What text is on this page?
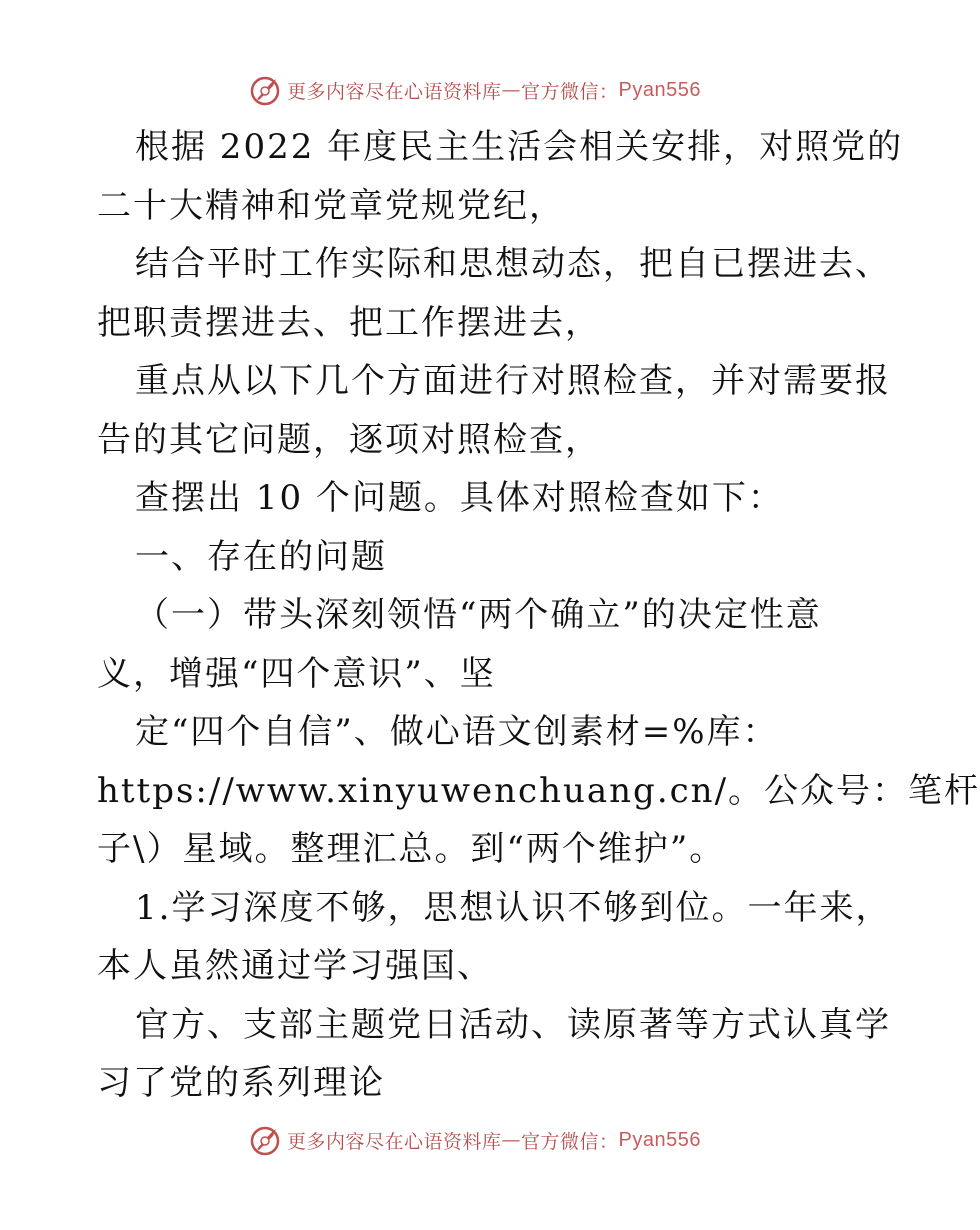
更多内容尽在心语资料库 — 官方微信： Pyan556
根据 2022 年度民主生活会相关安排，对照党的
二十大精神和党章党规党纪，
结合平时工作实际和思想动态，把自已摆进去、
把职责摆进去、把工作摆进去，
重点从以下几个方面进行对照检查，并对需要报
告的其它问题，逐项对照检查，
查摆出 10 个问题。具体对照检查如下：
一、存在的问题
（一）带头深刻领悟“两个确立”的决定性意
义，增强“四个意识”、坚
定“四个自信”、做心语文创素材=%库：
https://www.xinyuwenchuang.cn/。公众号：笔杆
子\）星域。整理汇总。到“两个维护”。
1.学习深度不够，思想认识不够到位。一年来，
本人虽然通过学习强国、
官方、支部主题党日活动、读原著等方式认真学
习了党的系列理论
更多内容尽在心语资料库 — 官方微信： Pyan556
